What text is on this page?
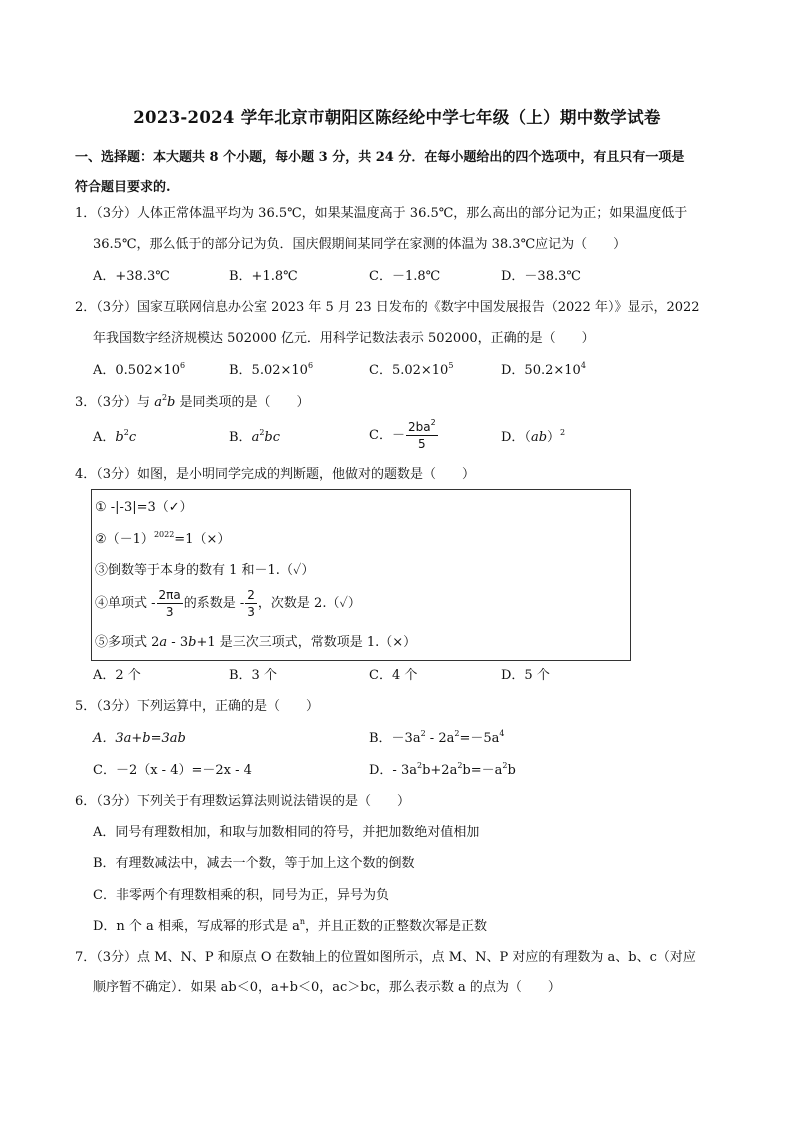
2023-2024 学年北京市朝阳区陈经纶中学七年级（上）期中数学试卷
一、选择题：本大题共 8 个小题，每小题 3 分，共 24 分．在每小题给出的四个选项中，有且只有一项是
符合题目要求的.
1．（3分）人体正常体温平均为 36.5℃，如果某温度高于 36.5℃，那么高出的部分记为正；如果温度低于
36.5℃，那么低于的部分记为负．国庆假期间某同学在家测的体温为 38.3℃应记为（　　）
A．+38.3℃	B．+1.8℃	C．－1.8℃	D．－38.3℃
2．（3分）国家互联网信息办公室 2023 年 5 月 23 日发布的《数字中国发展报告（2022 年）》显示，2022
年我国数字经济规模达 502000 亿元．用科学记数法表示 502000，正确的是（　　）
A．$0.502\times 10^6$	B．$5.02\times 10^6$	C．$5.02\times 10^5$	D．$50.2\times 10^4$
3．（3分）与 $a^2b$ 是同类项的是（　　）
A．$b^2c$	B．$a^2bc$	C．－ $\frac{2ba^2}{5}$	D．（ab）$^2$
4．（3分）如图，是小明同学完成的判断题，他做对的题数是（　　）
① -|-3|=3（✓）
$②(-1)^{2022}=1(\times)$
③倒数等于本身的数有 1 和－1.（✓）
④单项式 - $\frac{2\pi a}{3}$ 的系数是 - $\frac{2}{3}$ ，次数是 2.（✓）
⑤多项式 2a - 3b+1 是三次三项式，常数项是 1.（×）
A．2 个	B．3 个	C．4 个	D．5 个
5．（3分）下列运算中，正确的是（　　）
A．3a+b=3ab	B．$-3a^2 - 2a^2=-5a^4$
C．－2（x - 4）=－2x - 4	D．- $3a^2b+2a^2b=-a^2b$
6．（3分）下列关于有理数运算法则说法错误的是（　　）
A．同号有理数相加，和取与加数相同的符号，并把加数绝对值相加
B．有理数减法中，减去一个数，等于加上这个数的倒数
C．非零两个有理数相乘的积，同号为正，异号为负
D．n 个 a 相乘，写成幂的形式是 $a^n$，并且正数的正整数次幂是正数
7．（3分）点 M、N、P 和原点 O 在数轴上的位置如图所示，点 M、N、P 对应的有理数为 a、b、c（对应
顺序暂不确定）．如果 ab＜0，a+b＜0，ac＞bc，那么表示数 a 的点为（　　）
